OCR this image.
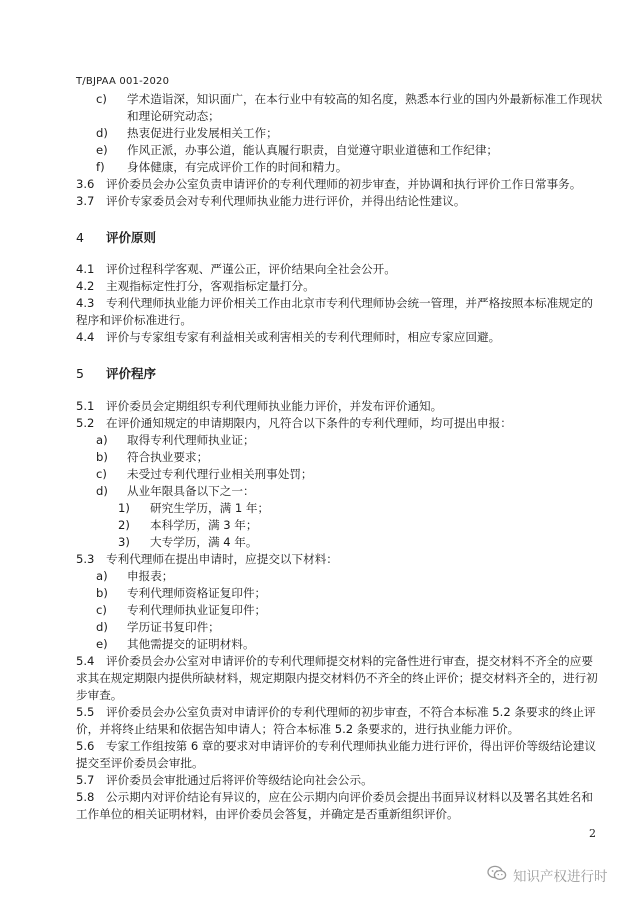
T/BJPAA 001-2020
c) 学术造诣深，知识面广，在本行业中有较高的知名度，熟悉本行业的国内外最新标准工作现状
和理论研究动态；
d) 热衷促进行业发展相关工作；
e) 作风正派，办事公道，能认真履行职责，自觉遵守职业道德和工作纪律；
f) 身体健康，有完成评价工作的时间和精力。
3.6 评价委员会办公室负责申请评价的专利代理师的初步审查，并协调和执行评价工作日常事务。
3.7 评价专家委员会对专利代理师执业能力进行评价，并得出结论性建议。
4 评价原则
4.1 评价过程科学客观、严谨公正，评价结果向全社会公开。
4.2 主观指标定性打分，客观指标定量打分。
4.3 专利代理师执业能力评价相关工作由北京市专利代理师协会统一管理，并严格按照本标准规定的
程序和评价标准进行。
4.4 评价与专家组专家有利益相关或利害相关的专利代理师时，相应专家应回避。
5 评价程序
5.1 评价委员会定期组织专利代理师执业能力评价，并发布评价通知。
5.2 在评价通知规定的申请期限内，凡符合以下条件的专利代理师，均可提出申报：
a) 取得专利代理师执业证；
b) 符合执业要求；
c) 未受过专利代理行业相关刑事处罚；
d) 从业年限具备以下之一：
1) 研究生学历，满 1 年；
2) 本科学历，满 3 年；
3) 大专学历，满 4 年。
5.3 专利代理师在提出申请时，应提交以下材料：
a) 申报表；
b) 专利代理师资格证复印件；
c) 专利代理师执业证复印件；
d) 学历证书复印件；
e) 其他需提交的证明材料。
5.4 评价委员会办公室对申请评价的专利代理师提交材料的完备性进行审查，提交材料不齐全的应要
求其在规定期限内提供所缺材料，规定期限内提交材料仍不齐全的终止评价；提交材料齐全的，进行初
步审查。
5.5 评价委员会办公室负责对申请评价的专利代理师的初步审查，不符合本标准 5.2 条要求的终止评
价，并将终止结果和依据告知申请人；符合本标准 5.2 条要求的，进行执业能力评价。
5.6 专家工作组按第 6 章的要求对申请评价的专利代理师执业能力进行评价，得出评价等级结论建议
提交至评价委员会审批。
5.7 评价委员会审批通过后将评价等级结论向社会公示。
5.8 公示期内对评价结论有异议的，应在公示期内向评价委员会提出书面异议材料以及署名其姓名和
工作单位的相关证明材料，由评价委员会答复，并确定是否重新组织评价。
2
知识产权进行时
